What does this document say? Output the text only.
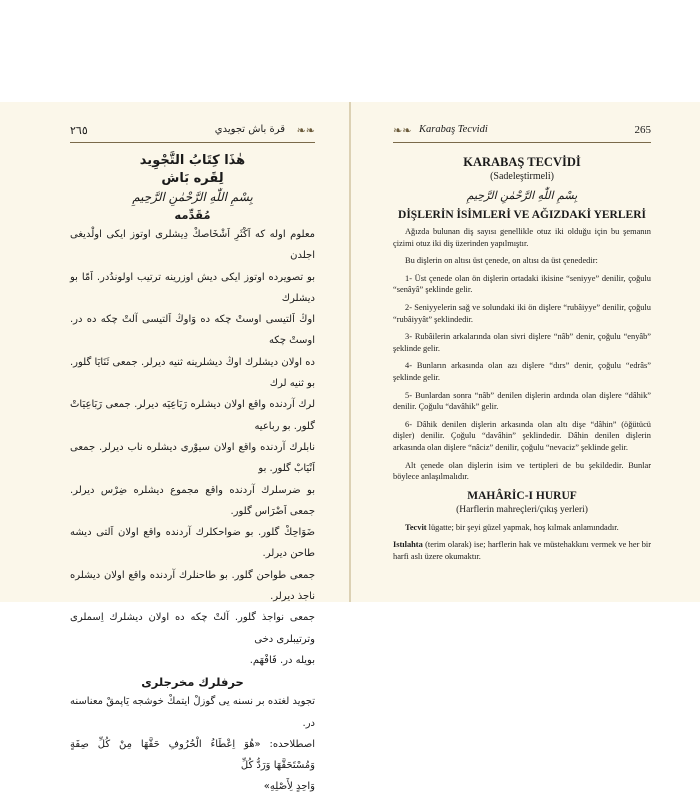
٢٦٥	قرة باش تجويدي ❧❧
هٰذَا كِتَابُ التَّجْوِيد
لِقَره بَاش
بِسْمِ اللّٰهِ الرَّحْمٰنِ الرَّحِيمِ
مُقَدِّمه

معلوم اوله كه اَكْثَرِ اَشْخَاصكْ دِيشلرى اوتوز ايكى اولْديغى اجلدن

بو تصويرده اوتوز ايكى ديش اوزرينه ترتيب اولوندُدر. اَمّا بو ديشلرك

اوڭ اَلتيسى اوستْ چكه ده وَاوڭ اَلتيسى آلتْ چكه ده در. اوستْ چكه

ده اولان ديشلرك اوڭ ديشلرينه ثنيه ديرلر. جمعى ثَنَايَا گلور. بو ثنيه لرك

لرك آردنده واقع اولان ديشلره رَبَاعِيَه ديرلر. جمعى رَبَاعِيَاتْ گلور. بو رباعيه

نابلرك آردنده واقع اولان سيوْرى ديشلره ناب ديرلر. جمعى اَنْيَابْ گلور. بو

بو ضرسلرك آردنده واقع مجموع ديشلره ضِرْس ديرلر. جمعى اَضْرَاس گلور.

ضَوَاحِكْ گلور. بو ضواحكلرك آردنده واقع اولان اَلتى ديشه طاحن ديرلر.

جمعى طواحن گلور. بو طاحنلرك آردنده واقع اولان ديشلره ناجذ ديرلر.

جمعى نواجذ گلور. آلتْ چكه ده اولان ديشلرك اِسملرى وترتيبلرى دخى

بويله در. فَافْهَم.

حرفلرك مخرجلرى

تجويد لغتده بر نسنه يى گوزلْ ايتمكْ خوشجه يَاپمقْ معناسنه در.

اصطلاحده: «هُوَ اِعْطَاءُ الْحُرُوفِ حَقَّهَا مِنْ كُلِّ صِفَةٍ وَمُسْتَحَقَّهَا وَرَدُّ كُلِّ

وَاحِدٍ لِأَصْلِهِ»

❧❧ Karabaş Tecvidi	265
KARABAŞ TECVİDİ
(Sadeleştirmeli)
بِسْمِ اللّٰهِ الرَّحْمٰنِ الرَّحِيمِ
DİŞLERİN İSİMLERİ VE AĞIZDAKİ YERLERİ

Ağızda bulunan diş sayısı genellikle otuz iki olduğu için bu şemanın çizimi otuz iki diş üzerinden yapılmıştır.

Bu dişlerin on altısı üst çenede, on altısı da üst çenededir:

1- Üst çenede olan ön dişlerin ortadaki ikisine “seniyye” denilir, çoğulu “senâyâ” şeklinde gelir.

2- Seniyyelerin sağ ve solundaki iki ön dişlere “rubâiyye” denilir, çoğulu “rubâiyyât” şeklindedir.

3- Rubâilerin arkalarında olan sivri dişlere “nâb” denir, çoğulu “enyâb” şeklinde gelir.

4- Bunların arkasında olan azı dişlere “dırs” denir, çoğulu “edrâs” şeklinde gelir.

5- Bunlardan sonra “nâb” denilen dişlerin ardında olan dişlere “dâhik” denilir. Çoğulu “davâhik” gelir.

6- Dâhik denilen dişlerin arkasında olan altı dişe “dâhin” (öğütücü dişler) denilir. Çoğulu “davâhin” şeklindedir. Dâhin denilen dişlerin arkasında olan dişlere “nâciz” denilir, çoğulu “nevaciz” şeklinde gelir.

Alt çenede olan dişlerin isim ve tertipleri de bu şekildedir. Bunlar böylece anlaşılmalıdır.

MAHÂRİC-I HURUF
(Harflerin mahreçleri/çıkış yerleri)

Tecvit lügatte; bir şeyi güzel yapmak, hoş kılmak anlamındadır.

Istılahta (terim olarak) ise; harflerin hak ve müstehakkını vermek ve her bir harfi aslı üzere okumaktır.
